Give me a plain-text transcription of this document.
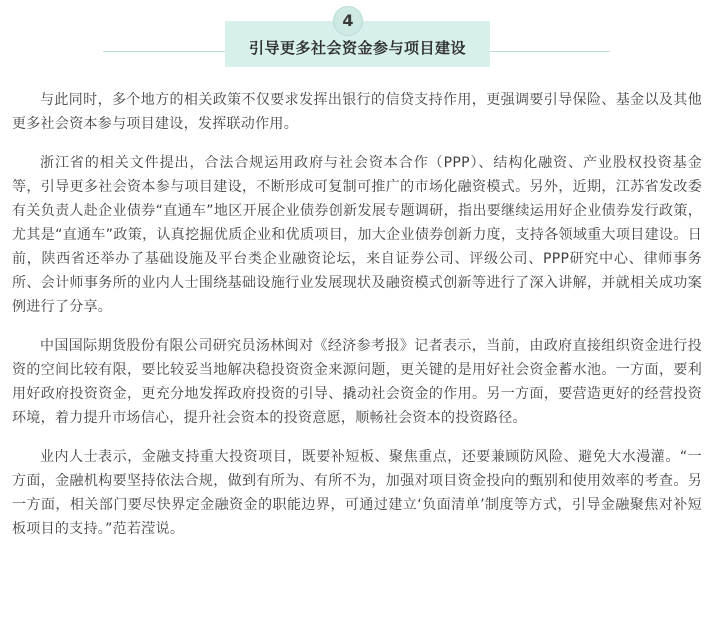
4
引导更多社会资金参与项目建设

与此同时，多个地方的相关政策不仅要求发挥出银行的信贷支持作用，更强调要引导保险、基金以及其他更多社会资本参与项目建设，发挥联动作用。

浙江省的相关文件提出，合法合规运用政府与社会资本合作（PPP）、结构化融资、产业股权投资基金等，引导更多社会资本参与项目建设，不断形成可复制可推广的市场化融资模式。另外，近期，江苏省发改委有关负责人赴企业债券“直通车”地区开展企业债券创新发展专题调研，指出要继续运用好企业债券发行政策，尤其是“直通车”政策，认真挖掘优质企业和优质项目，加大企业债券创新力度，支持各领域重大项目建设。日前，陕西省还举办了基础设施及平台类企业融资论坛，来自证券公司、评级公司、PPP研究中心、律师事务所、会计师事务所的业内人士围绕基础设施行业发展现状及融资模式创新等进行了深入讲解，并就相关成功案例进行了分享。

中国国际期货股份有限公司研究员汤林闽对《经济参考报》记者表示，当前，由政府直接组织资金进行投资的空间比较有限，要比较妥当地解决稳投资资金来源问题，更关键的是用好社会资金蓄水池。一方面，要利用好政府投资资金，更充分地发挥政府投资的引导、撬动社会资金的作用。另一方面，要营造更好的经营投资环境，着力提升市场信心，提升社会资本的投资意愿，顺畅社会资本的投资路径。

业内人士表示，金融支持重大投资项目，既要补短板、聚焦重点，还要兼顾防风险、避免大水漫灌。“一方面，金融机构要坚持依法合规，做到有所为、有所不为，加强对项目资金投向的甄别和使用效率的考查。另一方面，相关部门要尽快界定金融资金的职能边界，可通过建立‘负面清单’制度等方式，引导金融聚焦对补短板项目的支持。”范若滢说。
